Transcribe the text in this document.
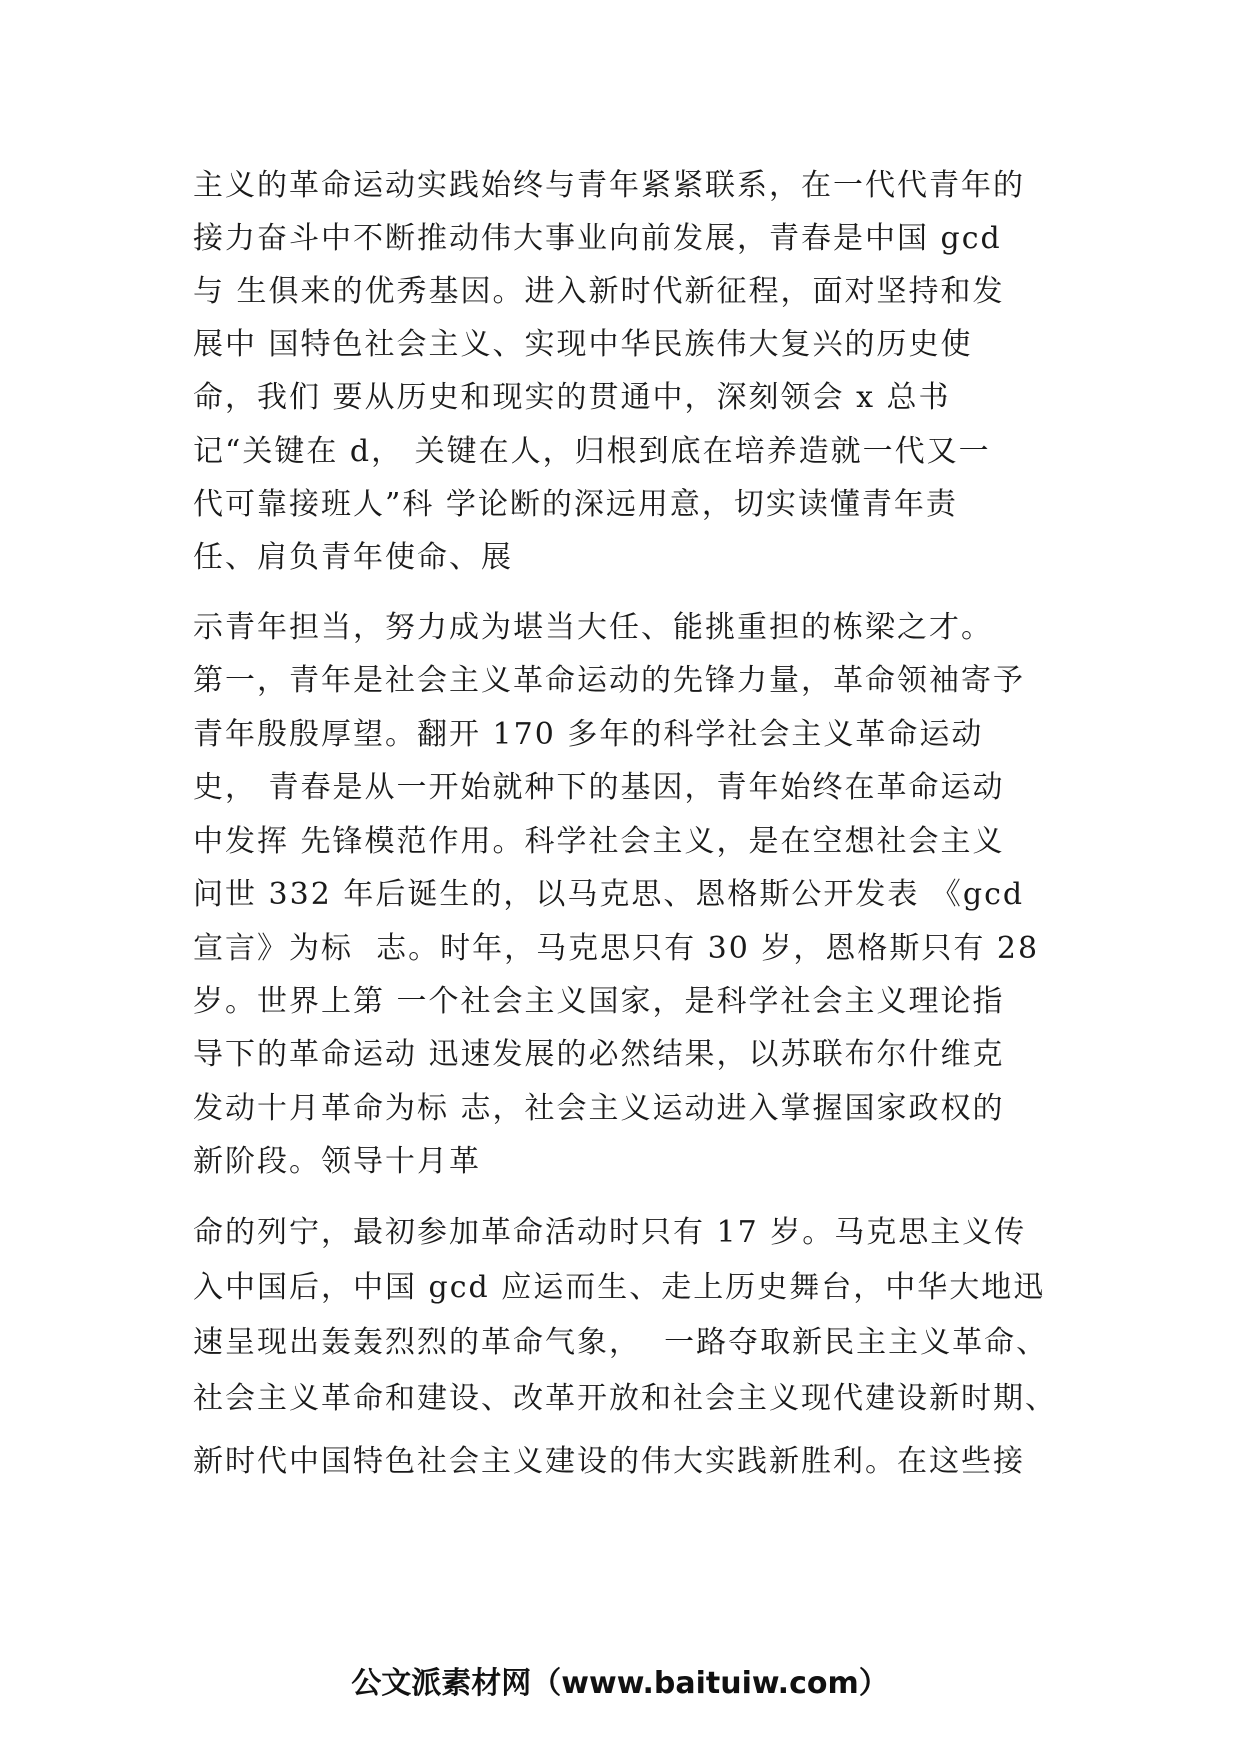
主义的革命运动实践始终与青年紧紧联系，在一代代青年的
接力奋斗中不断推动伟大事业向前发展，青春是中国 gcd
与 生俱来的优秀基因。进入新时代新征程，面对坚持和发
展中 国特色社会主义、实现中华民族伟大复兴的历史使
命，我们 要从历史和现实的贯通中，深刻领会 x 总书
记“关键在 d， 关键在人，归根到底在培养造就一代又一
代可靠接班人”科 学论断的深远用意，切实读懂青年责
任、肩负青年使命、展
示青年担当，努力成为堪当大任、能挑重担的栋梁之才。
第一，青年是社会主义革命运动的先锋力量，革命领袖寄予
青年殷殷厚望。翻开 170 多年的科学社会主义革命运动
史， 青春是从一开始就种下的基因，青年始终在革命运动
中发挥 先锋模范作用。科学社会主义，是在空想社会主义
问世 332 年后诞生的，以马克思、恩格斯公开发表 《gcd
宣言》为标  志。时年，马克思只有 30 岁，恩格斯只有 28
岁。世界上第 一个社会主义国家，是科学社会主义理论指
导下的革命运动 迅速发展的必然结果，以苏联布尔什维克
发动十月革命为标 志，社会主义运动进入掌握国家政权的
新阶段。领导十月革
命的列宁，最初参加革命活动时只有 17 岁。马克思主义传
入中国后，中国 gcd 应运而生、走上历史舞台，中华大地迅
速呈现出轰轰烈烈的革命气象，  一路夺取新民主主义革命、
社会主义革命和建设、改革开放和社会主义现代建设新时期、
新时代中国特色社会主义建设的伟大实践新胜利。在这些接
公文派素材网（www.baituiw.com）
